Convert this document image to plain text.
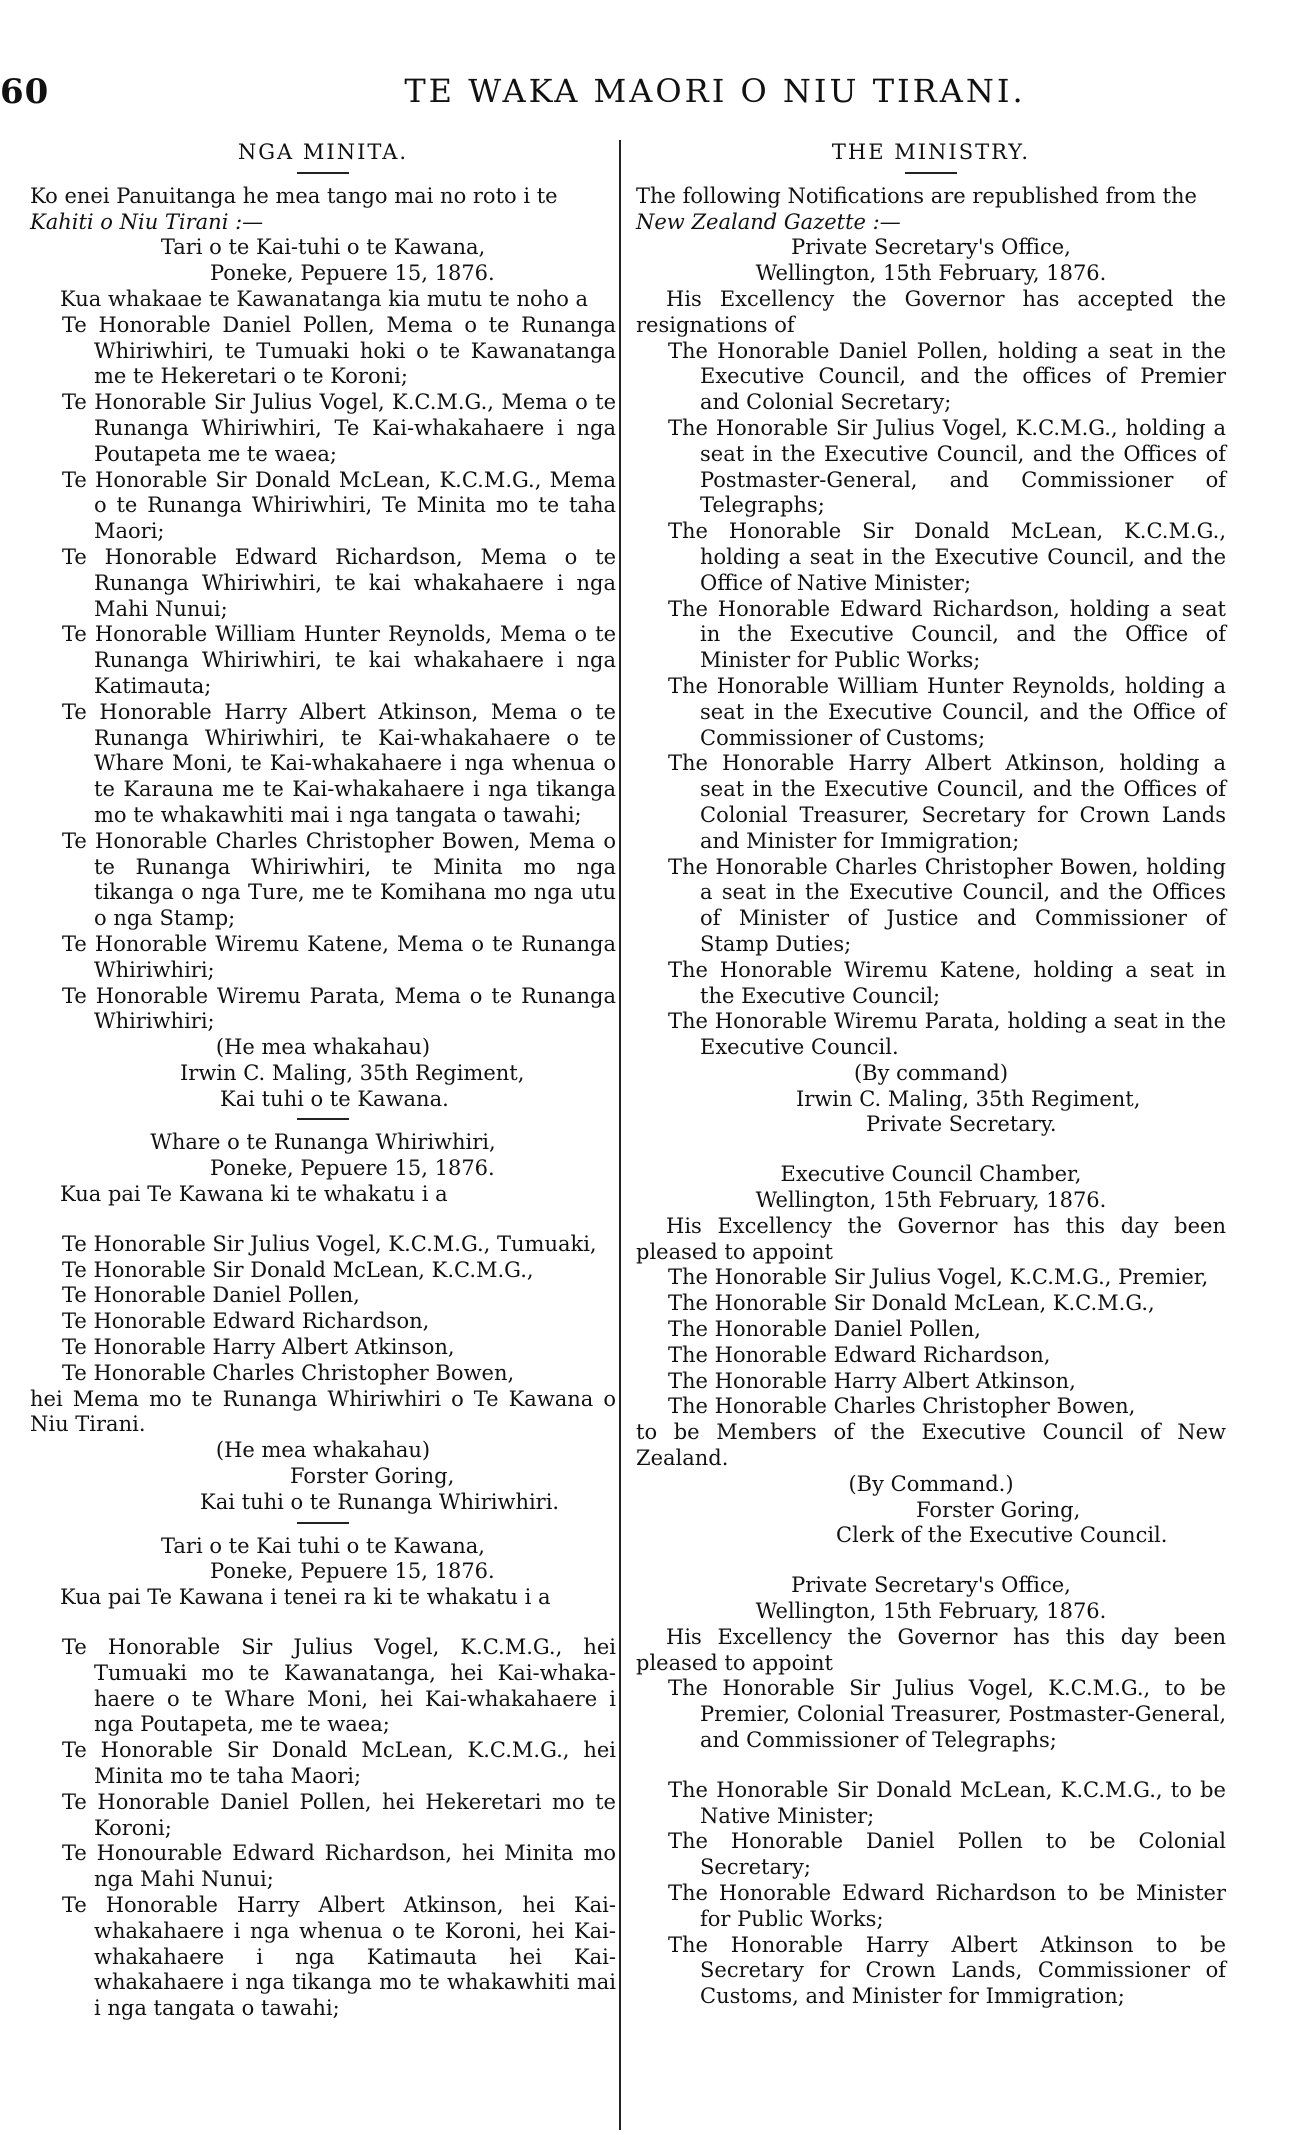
60	TE WAKA MAORI O NIU TIRANI.

NGA MINITA.

Ko enei Panuitanga he mea tango mai no roto i te

Kahiti o Niu Tirani :—

Tari o te Kai-tuhi o te Kawana,

Poneke, Pepuere 15, 1876.

Kua whakaae te Kawanatanga kia mutu te noho a

Te Honorable Daniel Pollen, Mema o te Runanga Whiriwhiri, te Tumuaki hoki o te Kawanatanga me te Hekeretari o te Koroni;

Te Honorable Sir Julius Vogel, K.C.M.G., Mema o te Runanga Whiriwhiri, Te Kai-whakahaere i nga Poutapeta me te waea;

Te Honorable Sir Donald McLean, K.C.M.G., Mema o te Runanga Whiriwhiri, Te Minita mo te taha Maori;

Te Honorable Edward Richardson, Mema o te Runanga Whiriwhiri, te kai whakahaere i nga Mahi Nunui;

Te Honorable William Hunter Reynolds, Mema o te Runanga Whiriwhiri, te kai whakahaere i nga Katimauta;

Te Honorable Harry Albert Atkinson, Mema o te Runanga Whiriwhiri, te Kai-whakahaere o te Whare Moni, te Kai-whakahaere i nga whenua o te Karauna me te Kai-whakahaere i nga tikanga mo te whakawhiti mai i nga tangata o tawahi;

Te Honorable Charles Christopher Bowen, Mema o te Runanga Whiriwhiri, te Minita mo nga tikanga o nga Ture, me te Komihana mo nga utu o nga Stamp;

Te Honorable Wiremu Katene, Mema o te Runanga Whiriwhiri;

Te Honorable Wiremu Parata, Mema o te Runanga Whiriwhiri;

(He mea whakahau)

Irwin C. Maling, 35th Regiment,

Kai tuhi o te Kawana.

Whare o te Runanga Whiriwhiri,

Poneke, Pepuere 15, 1876.

Kua pai Te Kawana ki te whakatu i a

Te Honorable Sir Julius Vogel, K.C.M.G., Tumuaki,

Te Honorable Sir Donald McLean, K.C.M.G.,

Te Honorable Daniel Pollen,

Te Honorable Edward Richardson,

Te Honorable Harry Albert Atkinson,

Te Honorable Charles Christopher Bowen,

hei Mema mo te Runanga Whiriwhiri o Te Kawana o Niu Tirani.

(He mea whakahau)

Forster Goring,

Kai tuhi o te Runanga Whiriwhiri.

Tari o te Kai tuhi o te Kawana,

Poneke, Pepuere 15, 1876.

Kua pai Te Kawana i tenei ra ki te whakatu i a

Te Honorable Sir Julius Vogel, K.C.M.G., hei Tumuaki mo te Kawanatanga, hei Kai-whaka-haere o te Whare Moni, hei Kai-whakahaere i nga Poutapeta, me te waea;

Te Honorable Sir Donald McLean, K.C.M.G., hei Minita mo te taha Maori;

Te Honorable Daniel Pollen, hei Hekeretari mo te Koroni;

Te Honourable Edward Richardson, hei Minita mo nga Mahi Nunui;

Te Honorable Harry Albert Atkinson, hei Kai-whakahaere i nga whenua o te Koroni, hei Kai-whakahaere i nga Katimauta hei Kai-whakahaere i nga tikanga mo te whakawhiti mai i nga tangata o tawahi;

THE MINISTRY.

The following Notifications are republished from the

New Zealand Gazette :—

Private Secretary's Office,

Wellington, 15th February, 1876.

His Excellency the Governor has accepted the resignations of

The Honorable Daniel Pollen, holding a seat in the Executive Council, and the offices of Premier and Colonial Secretary;

The Honorable Sir Julius Vogel, K.C.M.G., holding a seat in the Executive Council, and the Offices of Postmaster-General, and Commissioner of Telegraphs;

The Honorable Sir Donald McLean, K.C.M.G., holding a seat in the Executive Council, and the Office of Native Minister;

The Honorable Edward Richardson, holding a seat in the Executive Council, and the Office of Minister for Public Works;

The Honorable William Hunter Reynolds, holding a seat in the Executive Council, and the Office of Commissioner of Customs;

The Honorable Harry Albert Atkinson, holding a seat in the Executive Council, and the Offices of Colonial Treasurer, Secretary for Crown Lands and Minister for Immigration;

The Honorable Charles Christopher Bowen, holding a seat in the Executive Council, and the Offices of Minister of Justice and Commissioner of Stamp Duties;

The Honorable Wiremu Katene, holding a seat in the Executive Council;

The Honorable Wiremu Parata, holding a seat in the Executive Council.

(By command)

Irwin C. Maling, 35th Regiment,

Private Secretary.

Executive Council Chamber,

Wellington, 15th February, 1876.

His Excellency the Governor has this day been pleased to appoint

The Honorable Sir Julius Vogel, K.C.M.G., Premier,

The Honorable Sir Donald McLean, K.C.M.G.,

The Honorable Daniel Pollen,

The Honorable Edward Richardson,

The Honorable Harry Albert Atkinson,

The Honorable Charles Christopher Bowen,

to be Members of the Executive Council of New Zealand.

(By Command.)

Forster Goring,

Clerk of the Executive Council.

Private Secretary's Office,

Wellington, 15th February, 1876.

His Excellency the Governor has this day been pleased to appoint

The Honorable Sir Julius Vogel, K.C.M.G., to be Premier, Colonial Treasurer, Postmaster-General, and Commissioner of Telegraphs;

The Honorable Sir Donald McLean, K.C.M.G., to be Native Minister;

The Honorable Daniel Pollen to be Colonial Secretary;

The Honorable Edward Richardson to be Minister for Public Works;

The Honorable Harry Albert Atkinson to be Secretary for Crown Lands, Commissioner of Customs, and Minister for Immigration;
